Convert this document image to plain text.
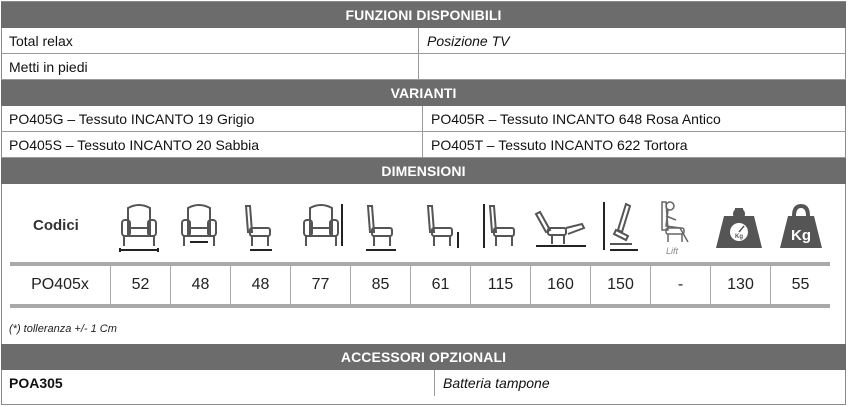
FUNZIONI DISPONIBILI
Total relax	Posizione TV
Metti in piedi
VARIANTI
PO405G – Tessuto INCANTO 19 Grigio	PO405R – Tessuto INCANTO 648 Rosa Antico
PO405S – Tessuto INCANTO 20 Sabbia	PO405T – Tessuto INCANTO 622 Tortora
DIMENSIONI
Codici
Lift
Kg	Kg
PO405x	52	48	48	77	85	61	115	160	150	-	130	55
(*) tolleranza +/- 1 Cm
ACCESSORI OPZIONALI
POA305	Batteria tampone
